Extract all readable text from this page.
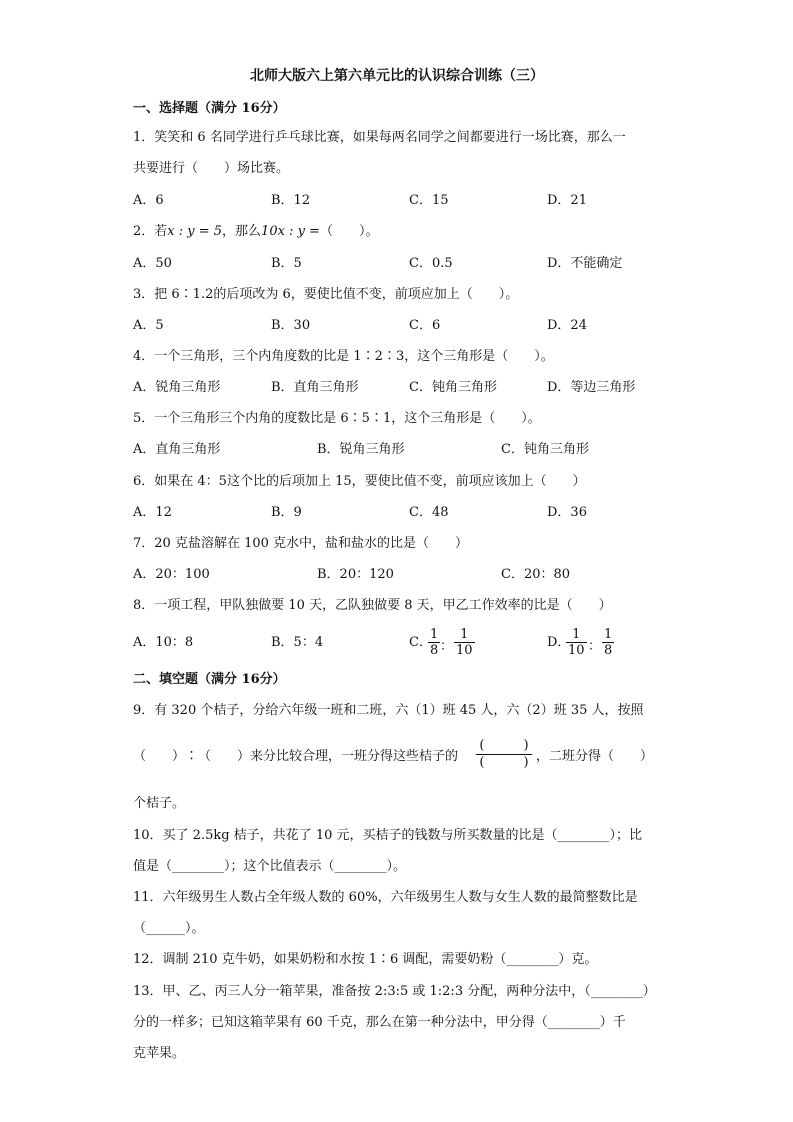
北师大版六上第六单元比的认识综合训练（三）
一、选择题（满分 16分）
1．笑笑和 6 名同学进行乒乓球比赛，如果每两名同学之间都要进行一场比赛，那么一
共要进行（　　）场比赛。
A．6	B．12	C．15	D．21
2．若x : y = 5，那么10x : y =（　　）。
A．50	B．5	C．0.5	D．不能确定
3．把 6∶1.2的后项改为 6，要使比值不变，前项应加上（　　）。
A．5	B．30	C．6	D．24
4．一个三角形，三个内角度数的比是 1∶2∶3，这个三角形是（　　）。
A．锐角三角形	B．直角三角形	C．钝角三角形	D．等边三角形
5．一个三角形三个内角的度数比是 6∶5∶1，这个三角形是（　　）。
A．直角三角形	B．锐角三角形	C．钝角三角形
6．如果在 4：5这个比的后项加上 15，要使比值不变，前项应该加上（　　）
A．12	B．9	C．48	D．36
7．20 克盐溶解在 100 克水中，盐和盐水的比是（　　）
A．20：100	B．20：120	C．20：80
8．一项工程，甲队独做要 10 天，乙队独做要 8 天，甲乙工作效率的比是（　　）
A．10：8	B．5：4	C．
1
8 ：
1
10
D．
1
10 ：
1
8
二、填空题（满分 16分）
9．有 320 个桔子，分给六年级一班和二班，六（1）班 45 人，六（2）班 35 人，按照
（　　）∶（　　）来分比较合理，一班分得这些桔子的
(　　　)
(　　　) ，二班分得（　　）
个桔子。
10．买了 2.5kg 桔子，共花了 10 元，买桔子的钱数与所买数量的比是（________）；比
值是（________）；这个比值表示（________）。
11．六年级男生人数占全年级人数的 60%，六年级男生人数与女生人数的最简整数比是
（______）。
12．调制 210 克牛奶，如果奶粉和水按 1∶6 调配，需要奶粉（________）克。
13．甲、乙、丙三人分一箱苹果，准备按 2:3:5 或 1:2:3 分配，两种分法中，（________）
分的一样多；已知这箱苹果有 60 千克，那么在第一种分法中，甲分得（________）千
克苹果。
